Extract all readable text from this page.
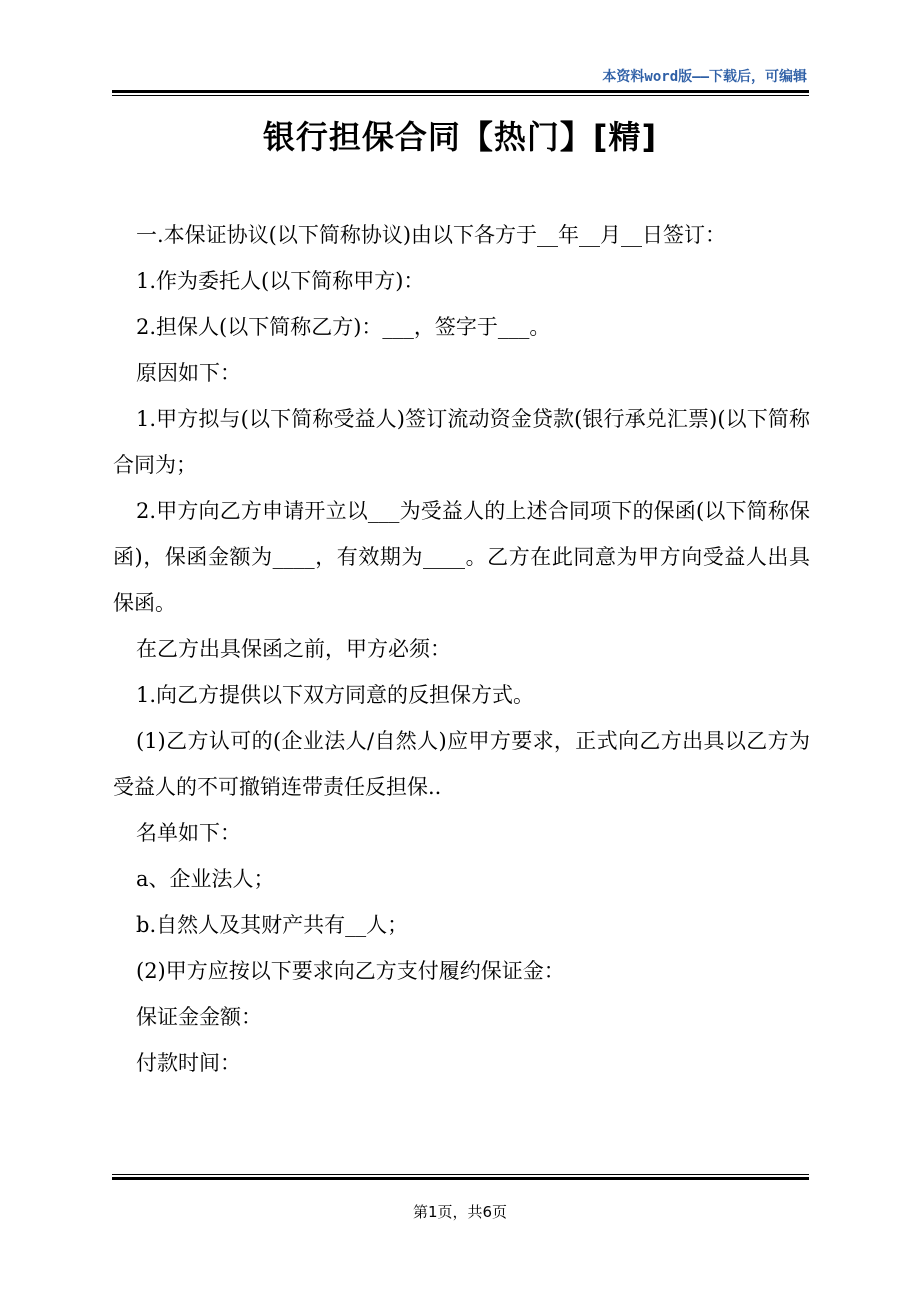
本资料word版——下载后，可编辑
银行担保合同【热门】[精]

一.本保证协议(以下简称协议)由以下各方于__年__月__日签订：

1.作为委托人(以下简称甲方)：

2.担保人(以下简称乙方)：___，签字于___。

原因如下：

1.甲方拟与(以下简称受益人)签订流动资金贷款(银行承兑汇票)(以下简称合同为；

2.甲方向乙方申请开立以___为受益人的上述合同项下的保函(以下简称保函)，保函金额为____，有效期为____。乙方在此同意为甲方向受益人出具保函。

在乙方出具保函之前，甲方必须：

1.向乙方提供以下双方同意的反担保方式。

(1)乙方认可的(企业法人/自然人)应甲方要求，正式向乙方出具以乙方为受益人的不可撤销连带责任反担保..

名单如下：

a、企业法人；

b.自然人及其财产共有__人；

(2)甲方应按以下要求向乙方支付履约保证金：

保证金金额：

付款时间：

第1页，共6页
